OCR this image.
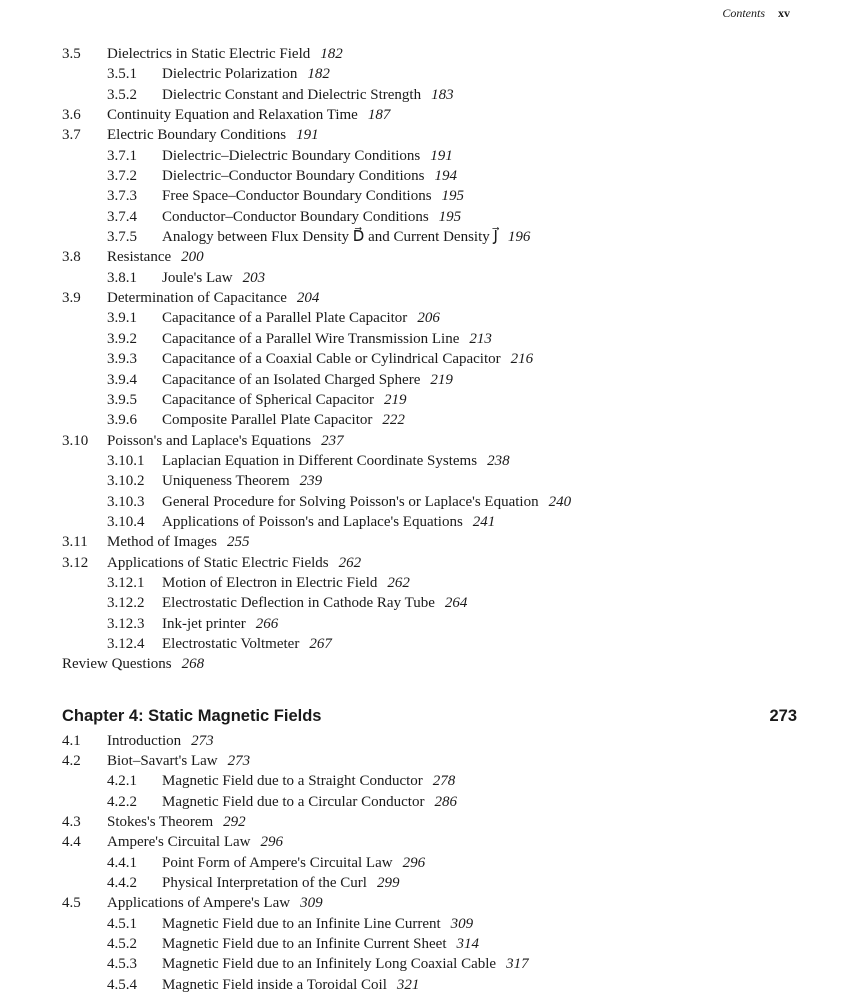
Contents xv
3.5 Dielectrics in Static Electric Field 182
3.5.1 Dielectric Polarization 182
3.5.2 Dielectric Constant and Dielectric Strength 183
3.6 Continuity Equation and Relaxation Time 187
3.7 Electric Boundary Conditions 191
3.7.1 Dielectric–Dielectric Boundary Conditions 191
3.7.2 Dielectric–Conductor Boundary Conditions 194
3.7.3 Free Space–Conductor Boundary Conditions 195
3.7.4 Conductor–Conductor Boundary Conditions 195
3.7.5 Analogy between Flux Density D⃗ and Current Density J⃗ 196
3.8 Resistance 200
3.8.1 Joule's Law 203
3.9 Determination of Capacitance 204
3.9.1 Capacitance of a Parallel Plate Capacitor 206
3.9.2 Capacitance of a Parallel Wire Transmission Line 213
3.9.3 Capacitance of a Coaxial Cable or Cylindrical Capacitor 216
3.9.4 Capacitance of an Isolated Charged Sphere 219
3.9.5 Capacitance of Spherical Capacitor 219
3.9.6 Composite Parallel Plate Capacitor 222
3.10 Poisson's and Laplace's Equations 237
3.10.1 Laplacian Equation in Different Coordinate Systems 238
3.10.2 Uniqueness Theorem 239
3.10.3 General Procedure for Solving Poisson's or Laplace's Equation 240
3.10.4 Applications of Poisson's and Laplace's Equations 241
3.11 Method of Images 255
3.12 Applications of Static Electric Fields 262
3.12.1 Motion of Electron in Electric Field 262
3.12.2 Electrostatic Deflection in Cathode Ray Tube 264
3.12.3 Ink-jet printer 266
3.12.4 Electrostatic Voltmeter 267
Review Questions 268
Chapter 4: Static Magnetic Fields	273
4.1 Introduction 273
4.2 Biot–Savart's Law 273
4.2.1 Magnetic Field due to a Straight Conductor 278
4.2.2 Magnetic Field due to a Circular Conductor 286
4.3 Stokes's Theorem 292
4.4 Ampere's Circuital Law 296
4.4.1 Point Form of Ampere's Circuital Law 296
4.4.2 Physical Interpretation of the Curl 299
4.5 Applications of Ampere's Law 309
4.5.1 Magnetic Field due to an Infinite Line Current 309
4.5.2 Magnetic Field due to an Infinite Current Sheet 314
4.5.3 Magnetic Field due to an Infinitely Long Coaxial Cable 317
4.5.4 Magnetic Field inside a Toroidal Coil 321
